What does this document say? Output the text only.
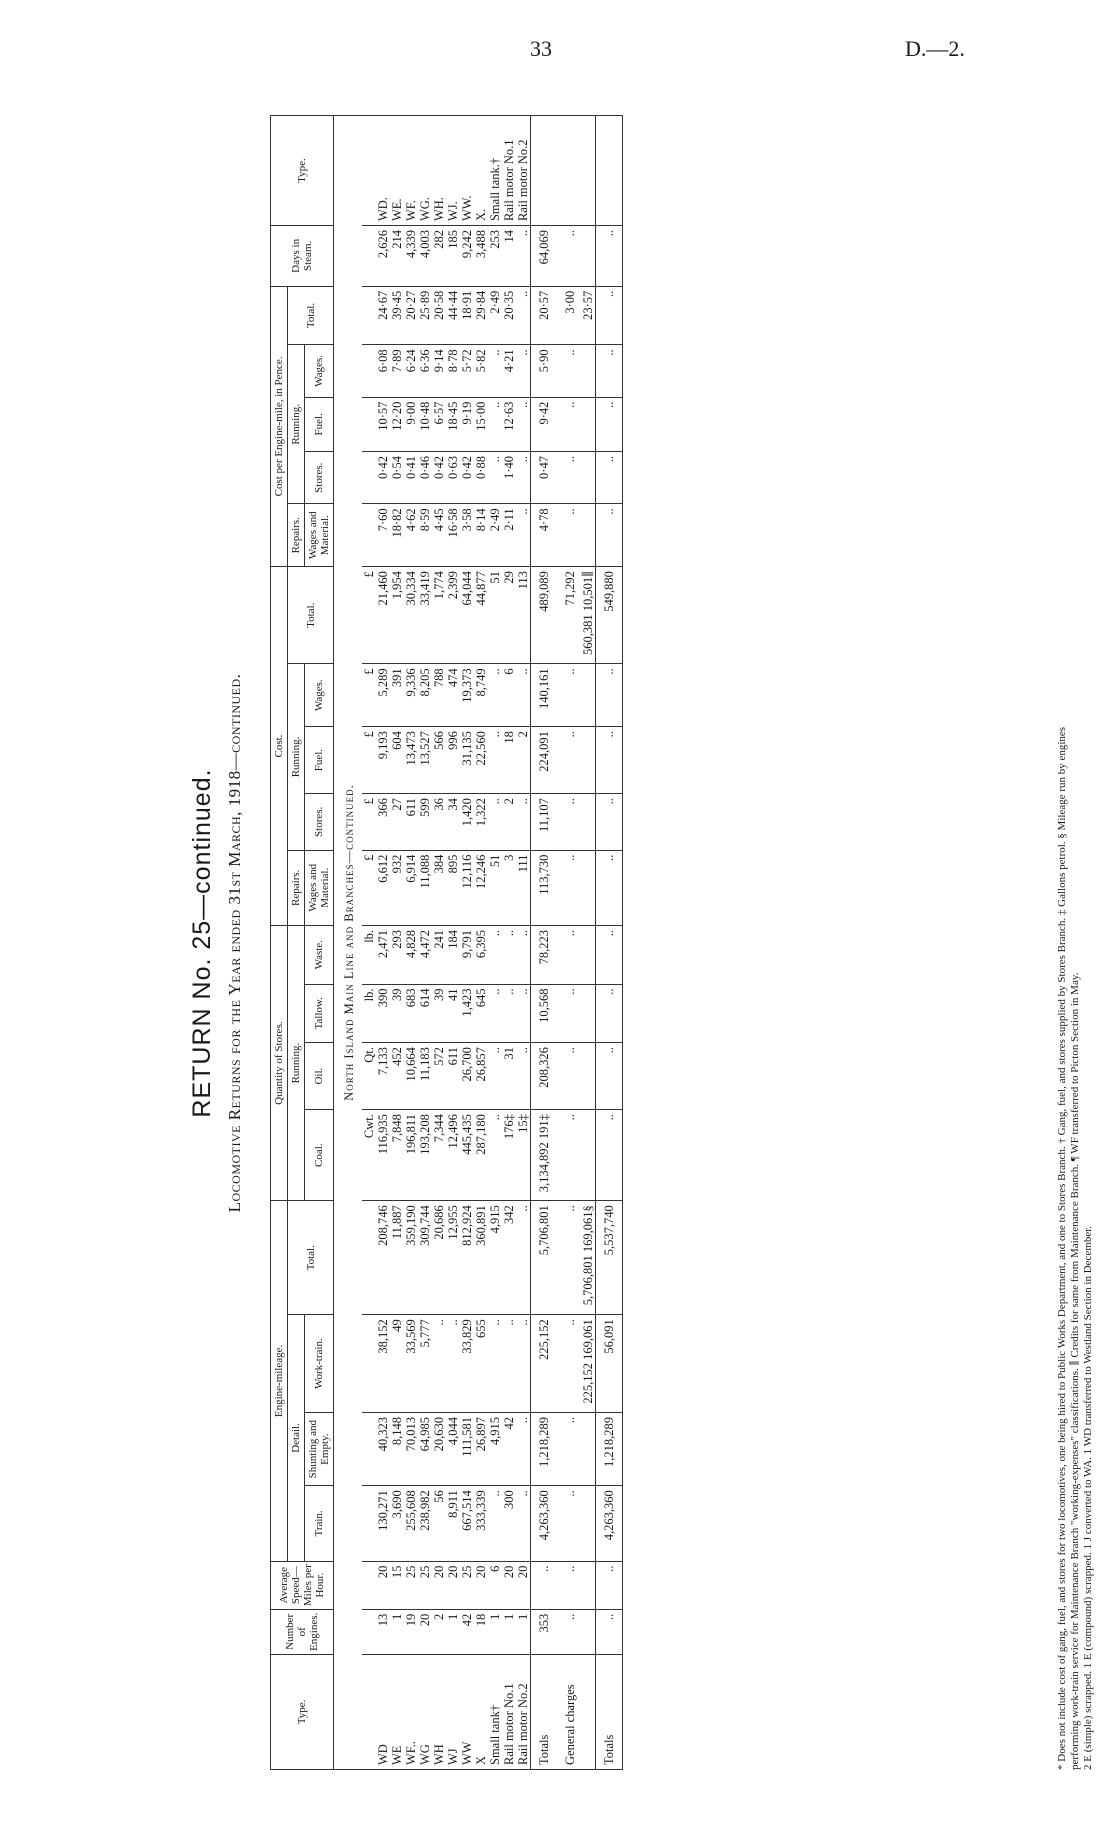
33	D.—2.
RETURN No. 25—continued. Locomotive Returns for the Year ended 31st March, 1918—continued.
Type.	Number of Engines.	Average Speed—Miles per Hour.	Engine-mileage.				Quantity of Stores.				Cost.					Cost per Engine-mile, in Pence.					Days in Steam.	Type.
			Detail.			Total.	Running.				Repairs.	Running.			Total.	Repairs.	Running.			Total.		
			Train.	Shunting and Empty.	Work-train.						Wages and Material.					Wages and Material.						
							Coal.	Oil.	Tallow.	Waste.		Stores.	Fuel.	Wages.			Stores.	Fuel.	Wages.			
North Island Main Line and Branches—continued.																						
							Cwt.	Qt.	lb.	lb.	£	£	£	£	£							
WD	13	20	130,271	40,323	38,152	208,746	116,935	7,133	390	2,471	6,612	366	9,193	5,289	21,460	7·60	0·42	10·57	6·08	24·67	2,626	WD.
WE	1	15	3,690	8,148	49	11,887	7,848	452	39	293	932	27	604	391	1,954	18·82	0·54	12·20	7·89	39·45	214	WE.
WF..	19	25	255,608	70,013	33,569	359,190	196,811	10,664	683	4,828	6,914	611	13,473	9,336	30,334	4·62	0·41	9·00	6·24	20·27	4,339	WF.
WG	20	25	238,982	64,985	5,777	309,744	193,208	11,183	614	4,472	11,088	599	13,527	8,205	33,419	8·59	0·46	10·48	6·36	25·89	4,003	WG.
WH	2	20	56	20,630	..	20,686	7,344	572	39	241	384	36	566	788	1,774	4·45	0·42	6·57	9·14	20·58	282	WH.
WJ	1	20	8,911	4,044	..	12,955	12,496	611	41	184	895	34	996	474	2,399	16·58	0·63	18·45	8·78	44·44	185	WJ.
WW	42	25	667,514	111,581	33,829	812,924	445,435	26,700	1,423	9,791	12,116	1,420	31,135	19,373	64,044	3·58	0·42	9·19	5·72	18·91	9,242	WW.
X	18	20	333,339	26,897	655	360,891	287,180	26,857	645	6,395	12,246	1,322	22,560	8,749	44,877	8·14	0·88	15·00	5·82	29·84	3,488	X.
Small tank†	1	6	..	4,915	..	4,915	..	..	..	..	51	..	..	..	51	2·49	..	..	..	2·49	253	Small tank.†
Rail motor No.1	1	20	300	42	..	342	176‡	31	..	..	3	2	18	6	29	2·11	1·40	12·63	4·21	20·35	14	Rail motor No.1
Rail motor No.2	1	20	..	..	..	..	15‡	..	..	..	111	..	2	..	113	..	..	..	..	..	..	Rail motor No.2
Totals	353	..	4,263,360	1,218,289	225,152	5,706,801	3,134,892 191‡	208,326	10,568	78,223	113,730	11,107	224,091	140,161	489,089	4·78	0·47	9·42	5·90	20·57	64,069	
General charges	..	..	..	..	..	..	..	..	..	..	..	..	..	..	71,292	..	..	..	..	3·00	..	
					225,152 169,061	5,706,801 169,061§									560,381 10,501∥					23·57		
Totals	..	..	4,263,360	1,218,289	56,091	5,537,740	..	..	..	..	..	..	..	..	549,880	..	..	..	..	..	..	
* Does not include cost of gang, fuel, and stores for two locomotives, one being hired to Public Works Department, and one to Stores Branch. † Gang, fuel, and stores supplied by Stores Branch. ‡ Gallons petrol. § Mileage run by engines performing work-train service for Maintenance Branch "working-expenses" classifications. ∥ Credits for same from Maintenance Branch. ¶ WF transferred to Picton Section in May. 2 E (simple) scrapped. 1 E (compound) scrapped. 1 J converted to WA. 1 WD transferred to Westland Section in December.
